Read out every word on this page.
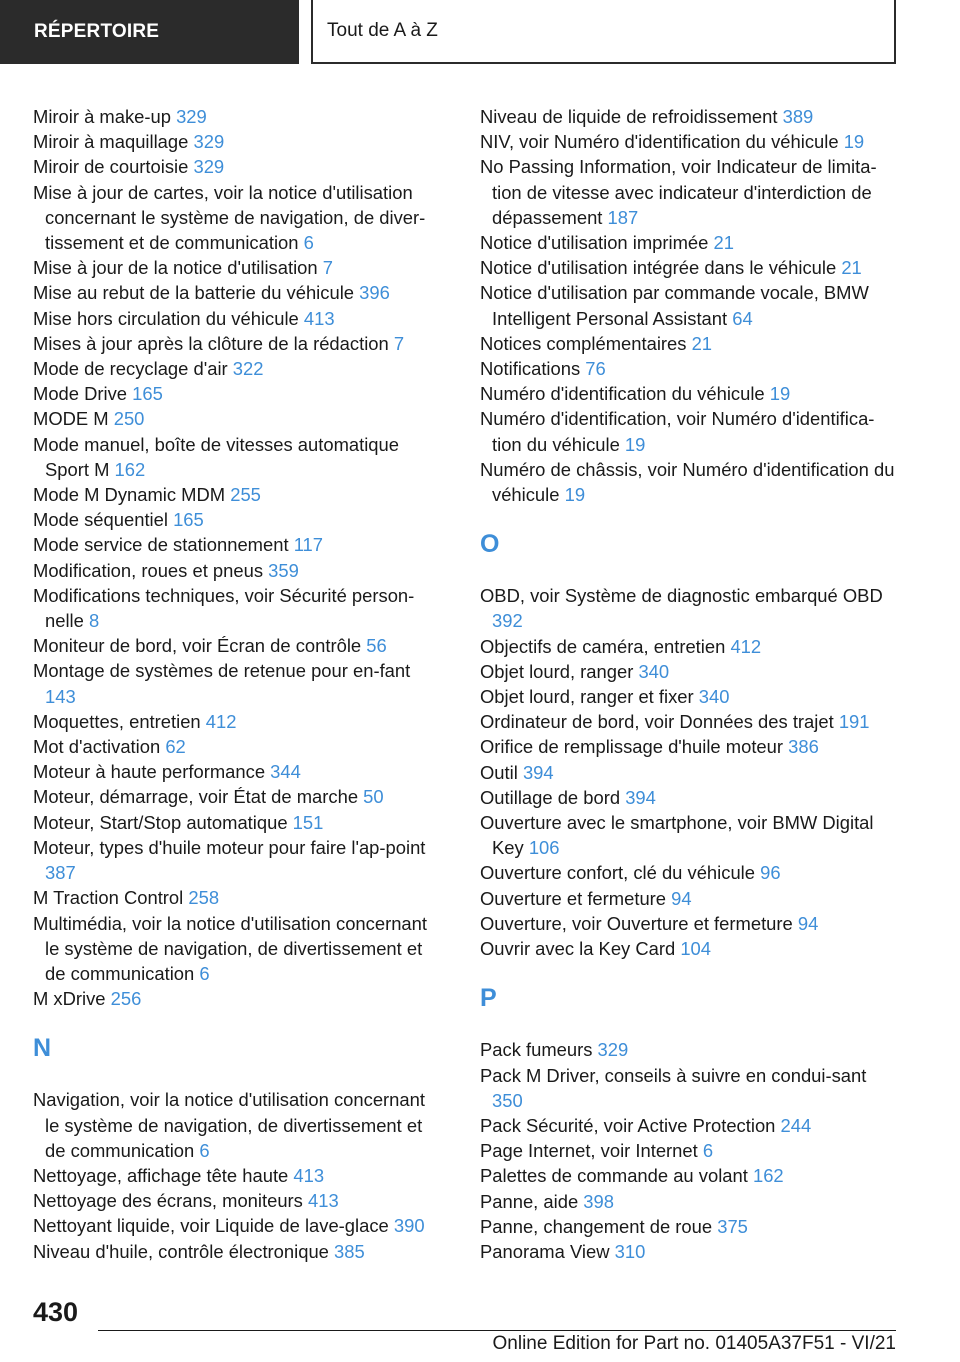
RÉPERTOIRE	Tout de A à Z
Miroir à make-up 329
Miroir à maquillage 329
Miroir de courtoisie 329
Mise à jour de cartes, voir la notice d'utilisation concernant le système de navigation, de diver‐tissement et de communication 6
Mise à jour de la notice d'utilisation 7
Mise au rebut de la batterie du véhicule 396
Mise hors circulation du véhicule 413
Mises à jour après la clôture de la rédaction 7
Mode de recyclage d'air 322
Mode Drive 165
MODE M 250
Mode manuel, boîte de vitesses automatique Sport M 162
Mode M Dynamic MDM 255
Mode séquentiel 165
Mode service de stationnement 117
Modification, roues et pneus 359
Modifications techniques, voir Sécurité person‐nelle 8
Moniteur de bord, voir Écran de contrôle 56
Montage de systèmes de retenue pour en‐fant 143
Moquettes, entretien 412
Mot d'activation 62
Moteur à haute performance 344
Moteur, démarrage, voir État de marche 50
Moteur, Start/Stop automatique 151
Moteur, types d'huile moteur pour faire l'ap‐point 387
M Traction Control 258
Multimédia, voir la notice d'utilisation concernant le système de navigation, de divertissement et de communication 6
M xDrive 256
N
Navigation, voir la notice d'utilisation concernant le système de navigation, de divertissement et de communication 6
Nettoyage, affichage tête haute 413
Nettoyage des écrans, moniteurs 413
Nettoyant liquide, voir Liquide de lave-glace 390
Niveau d'huile, contrôle électronique 385
Niveau de liquide de refroidissement 389
NIV, voir Numéro d'identification du véhicule 19
No Passing Information, voir Indicateur de limita‐tion de vitesse avec indicateur d'interdiction de dépassement 187
Notice d'utilisation imprimée 21
Notice d'utilisation intégrée dans le véhicule 21
Notice d'utilisation par commande vocale, BMW Intelligent Personal Assistant 64
Notices complémentaires 21
Notifications 76
Numéro d'identification du véhicule 19
Numéro d'identification, voir Numéro d'identifica‐tion du véhicule 19
Numéro de châssis, voir Numéro d'identification du véhicule 19
O
OBD, voir Système de diagnostic embarqué OBD 392
Objectifs de caméra, entretien 412
Objet lourd, ranger 340
Objet lourd, ranger et fixer 340
Ordinateur de bord, voir Données des trajet 191
Orifice de remplissage d'huile moteur 386
Outil 394
Outillage de bord 394
Ouverture avec le smartphone, voir BMW Digital Key 106
Ouverture confort, clé du véhicule 96
Ouverture et fermeture 94
Ouverture, voir Ouverture et fermeture 94
Ouvrir avec la Key Card 104
P
Pack fumeurs 329
Pack M Driver, conseils à suivre en condui‐sant 350
Pack Sécurité, voir Active Protection 244
Page Internet, voir Internet 6
Palettes de commande au volant 162
Panne, aide 398
Panne, changement de roue 375
Panorama View 310
430
Online Edition for Part no. 01405A37F51 - VI/21
